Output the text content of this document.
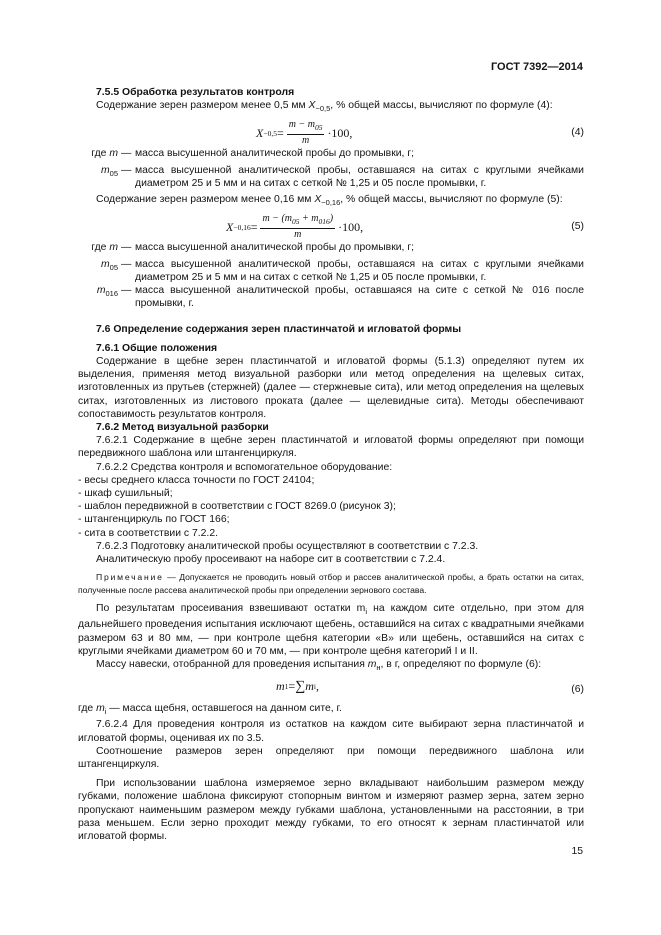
ГОСТ 7392—2014

7.5.5 Обработка результатов контроля

Содержание зерен размером менее 0,5 мм $X_{-0,5}$, % общей массы, вычисляют по формуле (4):

$X -0,5 = \frac{m - m_{05}}{m} \cdot 100$,	(4)
где m	—	масса высушенной аналитической пробы до промывки, г;
$m_{05}$	—	масса высушенной аналитической пробы, оставшаяся на ситах с круглыми ячейками диаметром 25 и 5 мм и на ситах с сеткой № 1,25 и 05 после промывки, г.

Содержание зерен размером менее 0,16 мм $X_{-0,16}$, % общей массы, вычисляют по формуле (5):

$X -0,16 = \frac{m - (m_{05} + m_{016})}{m} \cdot 100$,	(5)
где m	—	масса высушенной аналитической пробы до промывки, г;
$m_{05}$	—	масса высушенной аналитической пробы, оставшаяся на ситах с круглыми ячейками диаметром 25 и 5 мм и на ситах с сеткой № 1,25 и 05 после промывки, г.
$m_{016}$	—	масса высушенной аналитической пробы, оставшаяся на сите с сеткой № 016 после промывки, г.

7.6 Определение содержания зерен пластинчатой и игловатой формы

7.6.1 Общие положения

Содержание в щебне зерен пластинчатой и игловатой формы (5.1.3) определяют путем их выделения, применяя метод визуальной разборки или метод определения на щелевых ситах, изготовленных из прутьев (стержней) (далее — стержневые сита), или метод определения на щелевых ситах, изготовленных из листового проката (далее — щелевидные сита). Методы обеспечивают сопоставимость результатов контроля.

7.6.2 Метод визуальной разборки

7.6.2.1 Содержание в щебне зерен пластинчатой и игловатой формы определяют при помощи передвижного шаблона или штангенциркуля.

7.6.2.2 Средства контроля и вспомогательное оборудование:

- весы среднего класса точности по ГОСТ 24104;

- шкаф сушильный;

- шаблон передвижной в соответствии с ГОСТ 8269.0 (рисунок 3);

- штангенциркуль по ГОСТ 166;

- сита в соответствии с 7.2.2.

7.6.2.3 Подготовку аналитической пробы осуществляют в соответствии с 7.2.3.

Аналитическую пробу просеивают на наборе сит в соответствии с 7.2.4.

Примечание — Допускается не проводить новый отбор и рассев аналитической пробы, а брать остатки на ситах, полученные после рассева аналитической пробы при определении зернового состава.

По результатам просеивания взвешивают остатки $m_i$ на каждом сите отдельно, при этом для дальнейшего проведения испытания исключают щебень, оставшийся на ситах с квадратными ячейками размером 63 и 80 мм, — при контроле щебня категории «В» или щебень, оставшийся на ситах с круглыми ячейками диаметром 60 и 70 мм, — при контроле щебня категорий I и II.

Массу навески, отобранной для проведения испытания $m_н$, в г, определяют по формуле (6):

m 1 = ∑ m i ,	(6)

где $m_i$ — масса щебня, оставшегося на данном сите, г.

7.6.2.4 Для проведения контроля из остатков на каждом сите выбирают зерна пластинчатой и игловатой формы, оценивая их по 3.5.

Соотношение размеров зерен определяют при помощи передвижного шаблона или штангенциркуля.

При использовании шаблона измеряемое зерно вкладывают наибольшим размером между губками, положение шаблона фиксируют стопорным винтом и измеряют размер зерна, затем зерно пропускают наименьшим размером между губками шаблона, установленными на расстоянии, в три раза меньшем. Если зерно проходит между губками, то его относят к зернам пластинчатой или игловатой формы.

15
